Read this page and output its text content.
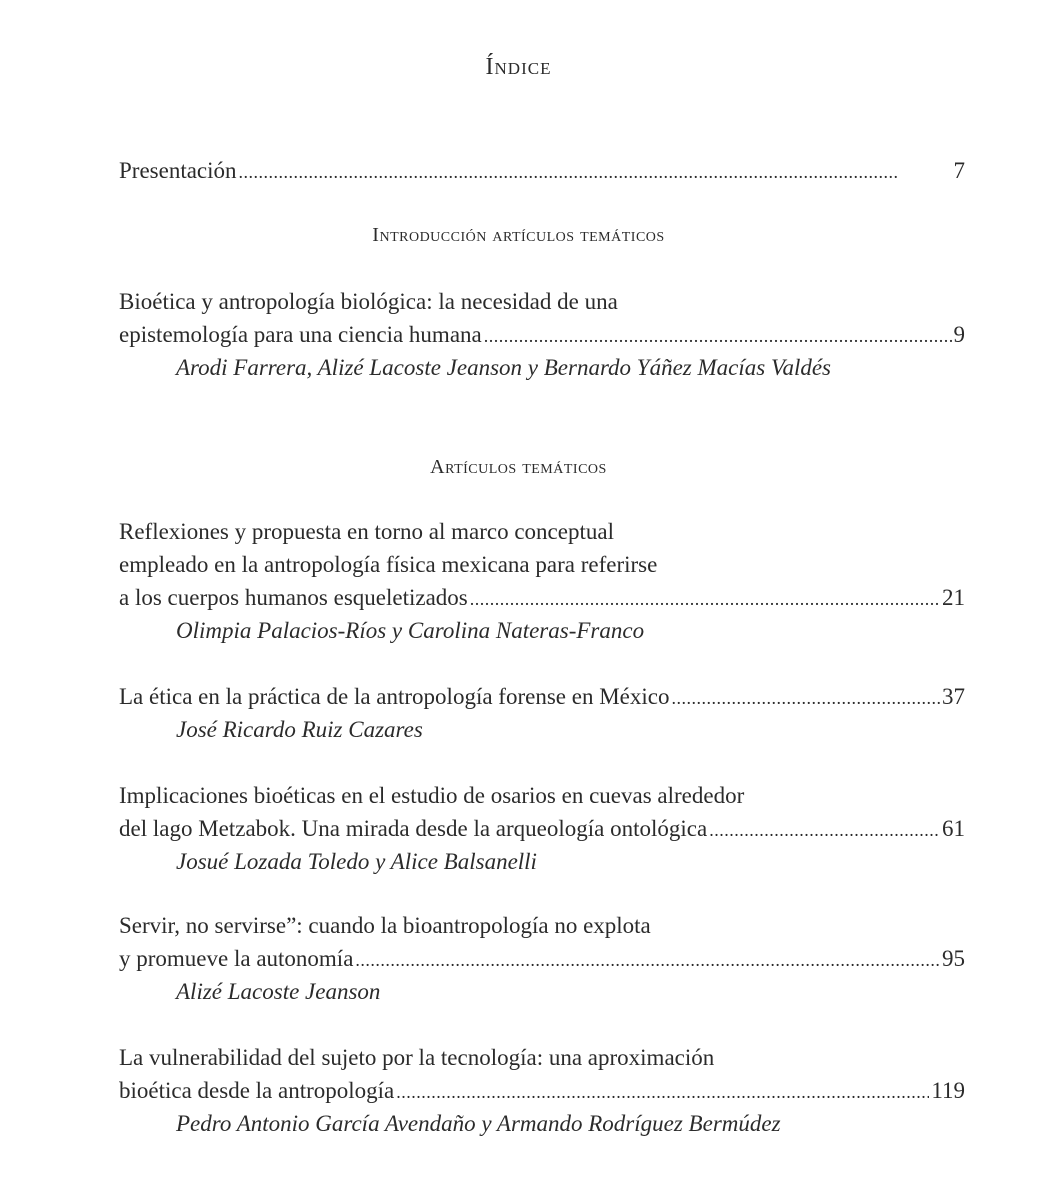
Índice
Presentación . . .	7
Introducción artículos temáticos
Bioética y antropología biológica: la necesidad de una
epistemología para una ciencia humana . . .	9
Arodi Farrera, Alizé Lacoste Jeanson y Bernardo Yáñez Macías Valdés
Artículos temáticos
Reflexiones y propuesta en torno al marco conceptual
empleado en la antropología física mexicana para referirse
a los cuerpos humanos esqueletizados . . .	21
Olimpia Palacios-Ríos y Carolina Nateras-Franco
La ética en la práctica de la antropología forense en México . . .	37
José Ricardo Ruiz Cazares
Implicaciones bioéticas en el estudio de osarios en cuevas alrededor
del lago Metzabok. Una mirada desde la arqueología ontológica . . .	61
Josué Lozada Toledo y Alice Balsanelli
Servir, no servirse”: cuando la bioantropología no explota
y promueve la autonomía . . .	95
Alizé Lacoste Jeanson
La vulnerabilidad del sujeto por la tecnología: una aproximación
bioética desde la antropología . . .	119
Pedro Antonio García Avendaño y Armando Rodríguez Bermúdez
